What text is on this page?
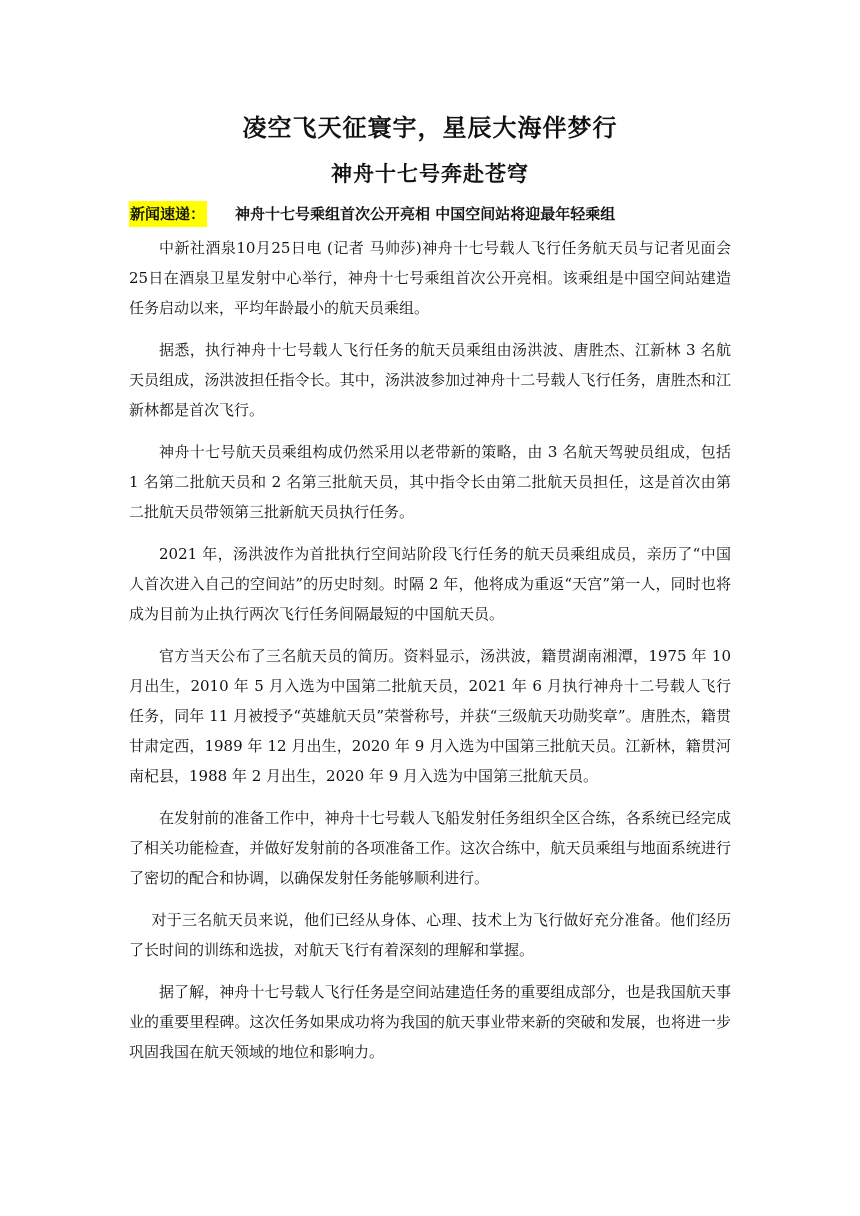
凌空飞天征寰宇，星辰大海伴梦行
神舟十七号奔赴苍穹
新闻速递： 神舟十七号乘组首次公开亮相 中国空间站将迎最年轻乘组

中新社酒泉10月25日电 (记者 马帅莎)神舟十七号载人飞行任务航天员与记者见面会25日在酒泉卫星发射中心举行，神舟十七号乘组首次公开亮相。该乘组是中国空间站建造任务启动以来，平均年龄最小的航天员乘组。

据悉，执行神舟十七号载人飞行任务的航天员乘组由汤洪波、唐胜杰、江新林 3 名航天员组成，汤洪波担任指令长。其中，汤洪波参加过神舟十二号载人飞行任务，唐胜杰和江新林都是首次飞行。

神舟十七号航天员乘组构成仍然采用以老带新的策略，由 3 名航天驾驶员组成，包括 1 名第二批航天员和 2 名第三批航天员，其中指令长由第二批航天员担任，这是首次由第二批航天员带领第三批新航天员执行任务。

2021 年，汤洪波作为首批执行空间站阶段飞行任务的航天员乘组成员，亲历了“中国人首次进入自己的空间站”的历史时刻。时隔 2 年，他将成为重返“天宫”第一人，同时也将成为目前为止执行两次飞行任务间隔最短的中国航天员。

官方当天公布了三名航天员的简历。资料显示，汤洪波，籍贯湖南湘潭，1975 年 10 月出生，2010 年 5 月入选为中国第二批航天员，2021 年 6 月执行神舟十二号载人飞行任务，同年 11 月被授予“英雄航天员”荣誉称号，并获“三级航天功勋奖章”。唐胜杰，籍贯甘肃定西，1989 年 12 月出生，2020 年 9 月入选为中国第三批航天员。江新林，籍贯河南杞县，1988 年 2 月出生，2020 年 9 月入选为中国第三批航天员。

在发射前的准备工作中，神舟十七号载人飞船发射任务组织全区合练，各系统已经完成了相关功能检查，并做好发射前的各项准备工作。这次合练中，航天员乘组与地面系统进行了密切的配合和协调，以确保发射任务能够顺利进行。

对于三名航天员来说，他们已经从身体、心理、技术上为飞行做好充分准备。他们经历了长时间的训练和选拔，对航天飞行有着深刻的理解和掌握。

据了解，神舟十七号载人飞行任务是空间站建造任务的重要组成部分，也是我国航天事业的重要里程碑。这次任务如果成功将为我国的航天事业带来新的突破和发展，也将进一步巩固我国在航天领域的地位和影响力。
